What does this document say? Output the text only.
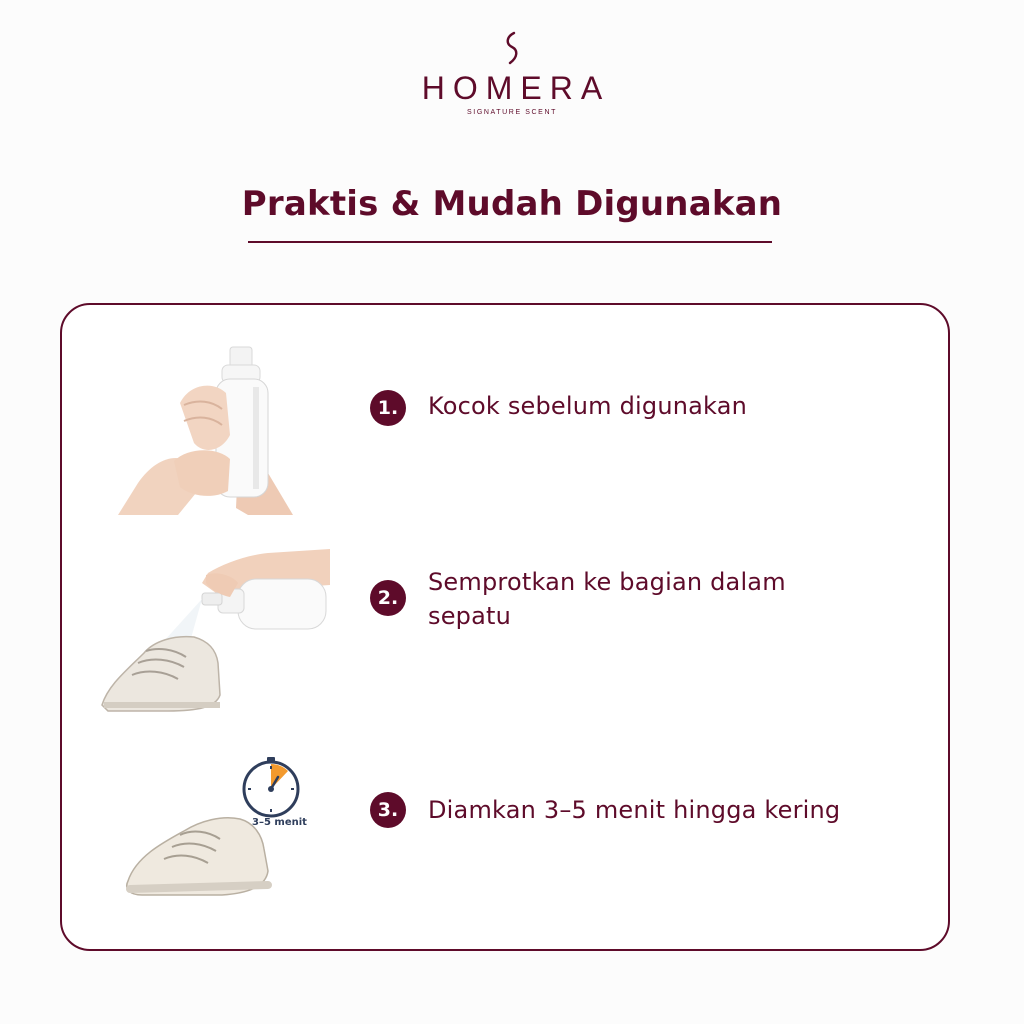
HOMERA
SIGNATURE SCENT
Praktis & Mudah Digunakan
1.	Kocok sebelum digunakan
2.
Semprotkan ke bagian dalam
sepatu
3–5 menit
3.	Diamkan 3–5 menit hingga kering
